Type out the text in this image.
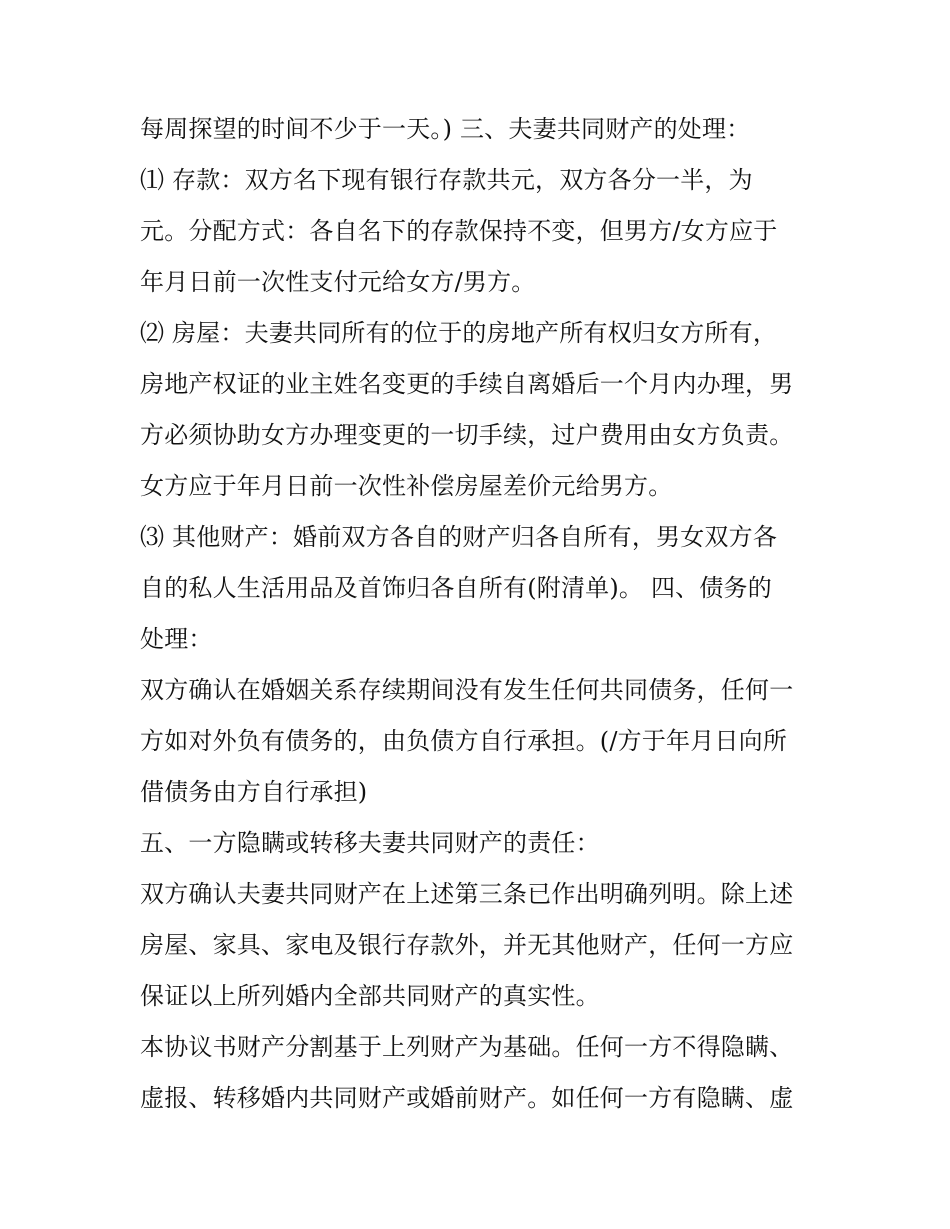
每周探望的时间不少于一天。) 三、夫妻共同财产的处理：
⑴ 存款：双方名下现有银行存款共元，双方各分一半，为
元。分配方式：各自名下的存款保持不变，但男方/女方应于
年月日前一次性支付元给女方/男方。
⑵ 房屋：夫妻共同所有的位于的房地产所有权归女方所有，
房地产权证的业主姓名变更的手续自离婚后一个月内办理，男
方必须协助女方办理变更的一切手续，过户费用由女方负责。
女方应于年月日前一次性补偿房屋差价元给男方。
⑶ 其他财产：婚前双方各自的财产归各自所有，男女双方各
自的私人生活用品及首饰归各自所有(附清单)。 四、债务的
处理：
双方确认在婚姻关系存续期间没有发生任何共同债务，任何一
方如对外负有债务的，由负债方自行承担。(/方于年月日向所
借债务由方自行承担)
五、一方隐瞒或转移夫妻共同财产的责任：
双方确认夫妻共同财产在上述第三条已作出明确列明。除上述
房屋、家具、家电及银行存款外，并无其他财产，任何一方应
保证以上所列婚内全部共同财产的真实性。
本协议书财产分割基于上列财产为基础。任何一方不得隐瞒、
虚报、转移婚内共同财产或婚前财产。如任何一方有隐瞒、虚
